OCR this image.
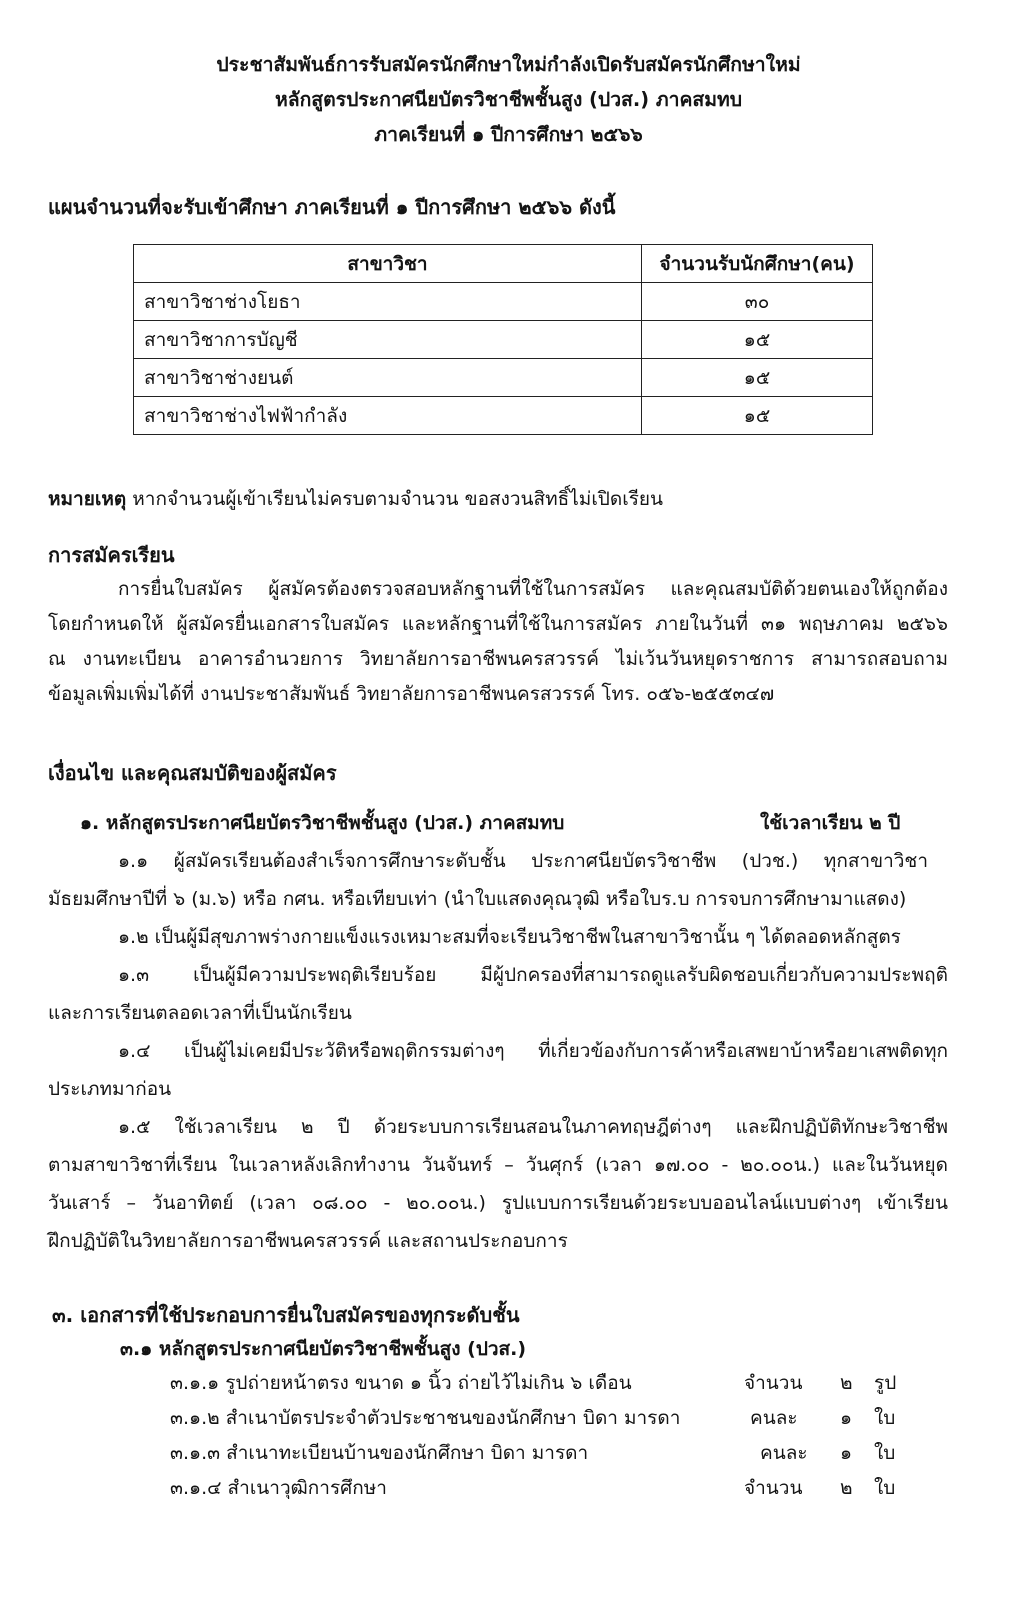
ประชาสัมพันธ์การรับสมัครนักศึกษาใหม่กำลังเปิดรับสมัครนักศึกษาใหม่
หลักสูตรประกาศนียบัตรวิชาชีพชั้นสูง (ปวส.) ภาคสมทบ
ภาคเรียนที่ ๑ ปีการศึกษา ๒๕๖๖
แผนจำนวนที่จะรับเข้าศึกษา ภาคเรียนที่ ๑ ปีการศึกษา ๒๕๖๖ ดังนี้
สาขาวิชา	จำนวนรับนักศึกษา(คน)
สาขาวิชาช่างโยธา	๓๐
สาขาวิชาการบัญชี	๑๕
สาขาวิชาช่างยนต์	๑๕
สาขาวิชาช่างไฟฟ้ากำลัง	๑๕
หมายเหตุ หากจำนวนผู้เข้าเรียนไม่ครบตามจำนวน ขอสงวนสิทธิ์ไม่เปิดเรียน
การสมัครเรียน
การยื่นใบสมัคร ผู้สมัครต้องตรวจสอบหลักฐานที่ใช้ในการสมัคร และคุณสมบัติด้วยตนเองให้ถูกต้อง
โดยกำหนดให้ ผู้สมัครยื่นเอกสารใบสมัคร และหลักฐานที่ใช้ในการสมัคร ภายในวันที่ ๓๑ พฤษภาคม ๒๕๖๖
ณ งานทะเบียน อาคารอำนวยการ วิทยาลัยการอาชีพนครสวรรค์ ไม่เว้นวันหยุดราชการ สามารถสอบถาม
ข้อมูลเพิ่มเพิ่มได้ที่ งานประชาสัมพันธ์ วิทยาลัยการอาชีพนครสวรรค์ โทร. ๐๕๖-๒๕๕๓๔๗
เงื่อนไข และคุณสมบัติของผู้สมัคร
๑. หลักสูตรประกาศนียบัตรวิชาชีพชั้นสูง (ปวส.) ภาคสมทบ	ใช้เวลาเรียน ๒ ปี
๑.๑ ผู้สมัครเรียนต้องสำเร็จการศึกษาระดับชั้น ประกาศนียบัตรวิชาชีพ (ปวช.) ทุกสาขาวิชา
มัธยมศึกษาปีที่ ๖ (ม.๖) หรือ กศน. หรือเทียบเท่า (นำใบแสดงคุณวุฒิ หรือใบร.บ การจบการศึกษามาแสดง)
๑.๒ เป็นผู้มีสุขภาพร่างกายแข็งแรงเหมาะสมที่จะเรียนวิชาชีพในสาขาวิชานั้น ๆ ได้ตลอดหลักสูตร
๑.๓ เป็นผู้มีความประพฤติเรียบร้อย มีผู้ปกครองที่สามารถดูแลรับผิดชอบเกี่ยวกับความประพฤติ
และการเรียนตลอดเวลาที่เป็นนักเรียน
๑.๔ เป็นผู้ไม่เคยมีประวัติหรือพฤติกรรมต่างๆ ที่เกี่ยวข้องกับการค้าหรือเสพยาบ้าหรือยาเสพติดทุก
ประเภทมาก่อน
๑.๕ ใช้เวลาเรียน ๒ ปี ด้วยระบบการเรียนสอนในภาคทฤษฎีต่างๆ และฝึกปฏิบัติทักษะวิชาชีพ
ตามสาขาวิชาที่เรียน ในเวลาหลังเลิกทำงาน วันจันทร์ – วันศุกร์ (เวลา ๑๗.๐๐ - ๒๐.๐๐น.) และในวันหยุด
วันเสาร์ – วันอาทิตย์ (เวลา ๐๘.๐๐ - ๒๐.๐๐น.) รูปแบบการเรียนด้วยระบบออนไลน์แบบต่างๆ เข้าเรียน
ฝึกปฏิบัติในวิทยาลัยการอาชีพนครสวรรค์ และสถานประกอบการ
๓. เอกสารที่ใช้ประกอบการยื่นใบสมัครของทุกระดับชั้น
๓.๑ หลักสูตรประกาศนียบัตรวิชาชีพชั้นสูง (ปวส.)
๓.๑.๑ รูปถ่ายหน้าตรง ขนาด ๑ นิ้ว ถ่ายไว้ไม่เกิน ๖ เดือน	จำนวน ๒ รูป
๓.๑.๒ สำเนาบัตรประจำตัวประชาชนของนักศึกษา บิดา มารดา	คนละ ๑ ใบ
๓.๑.๓ สำเนาทะเบียนบ้านของนักศึกษา บิดา มารดา	คนละ ๑ ใบ
๓.๑.๔ สำเนาวุฒิการศึกษา	จำนวน ๒ ใบ
